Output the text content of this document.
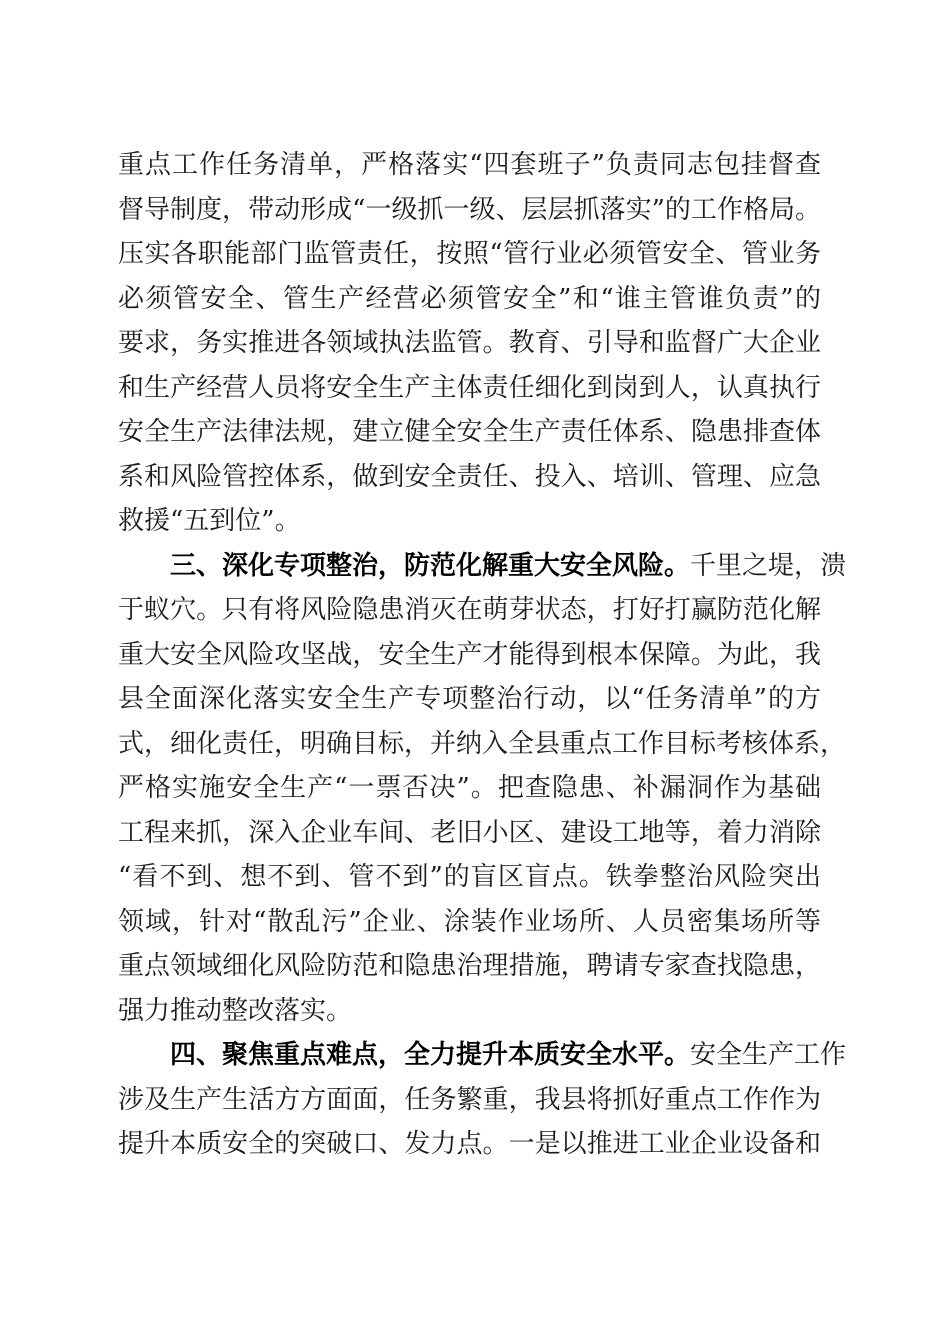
重点工作任务清单，严格落实“四套班子”负责同志包挂督查
督导制度，带动形成“一级抓一级、层层抓落实”的工作格局。
压实各职能部门监管责任，按照“管行业必须管安全、管业务
必须管安全、管生产经营必须管安全”和“谁主管谁负责”的
要求，务实推进各领域执法监管。教育、引导和监督广大企业
和生产经营人员将安全生产主体责任细化到岗到人，认真执行
安全生产法律法规，建立健全安全生产责任体系、隐患排查体
系和风险管控体系，做到安全责任、投入、培训、管理、应急
救援“五到位”。
三、深化专项整治，防范化解重大安全风险。千里之堤，溃
于蚁穴。只有将风险隐患消灭在萌芽状态，打好打赢防范化解
重大安全风险攻坚战，安全生产才能得到根本保障。为此，我
县全面深化落实安全生产专项整治行动，以“任务清单”的方
式，细化责任，明确目标，并纳入全县重点工作目标考核体系，
严格实施安全生产“一票否决”。把查隐患、补漏洞作为基础
工程来抓，深入企业车间、老旧小区、建设工地等，着力消除
“看不到、想不到、管不到”的盲区盲点。铁拳整治风险突出
领域，针对“散乱污”企业、涂装作业场所、人员密集场所等
重点领域细化风险防范和隐患治理措施，聘请专家查找隐患，
强力推动整改落实。
四、聚焦重点难点，全力提升本质安全水平。安全生产工作
涉及生产生活方方面面，任务繁重，我县将抓好重点工作作为
提升本质安全的突破口、发力点。一是以推进工业企业设备和
